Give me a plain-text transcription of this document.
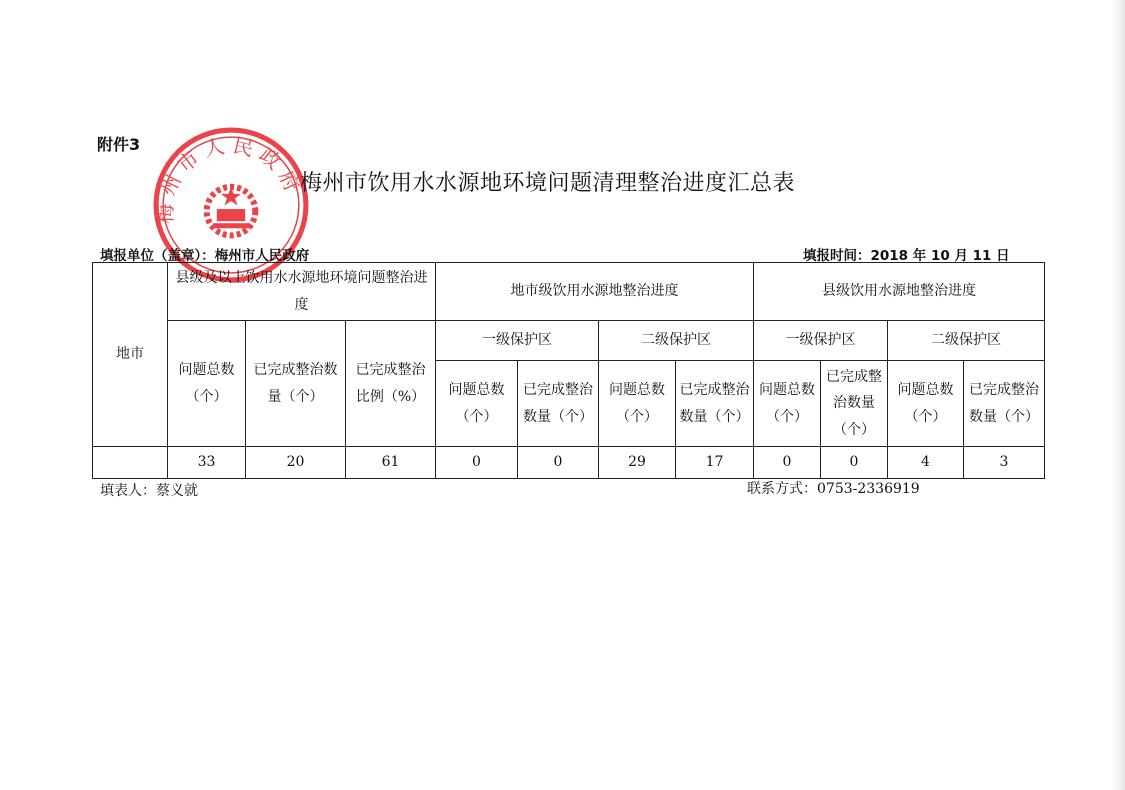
附件3
梅州市人民政府
梅州市饮用水水源地环境问题清理整治进度汇总表
填报单位（盖章）：梅州市人民政府	填报时间：2018 年 10 月 11 日
地市	县级及以上饮用水水源地环境问题整治进度			地市级饮用水源地整治进度				县级饮用水源地整治进度			
	问题总数（个）	已完成整治数量（个）	已完成整治比例（%）	一级保护区		二级保护区		一级保护区		二级保护区	
				问题总数（个）	已完成整治数量（个）	问题总数（个）	已完成整治数量（个）	问题总数（个）	已完成整治数量（个）	问题总数（个）	已完成整治数量（个）
	33	20	61	0	0	29	17	0	0	4	3
填表人：蔡义就	联系方式：0753-2336919
